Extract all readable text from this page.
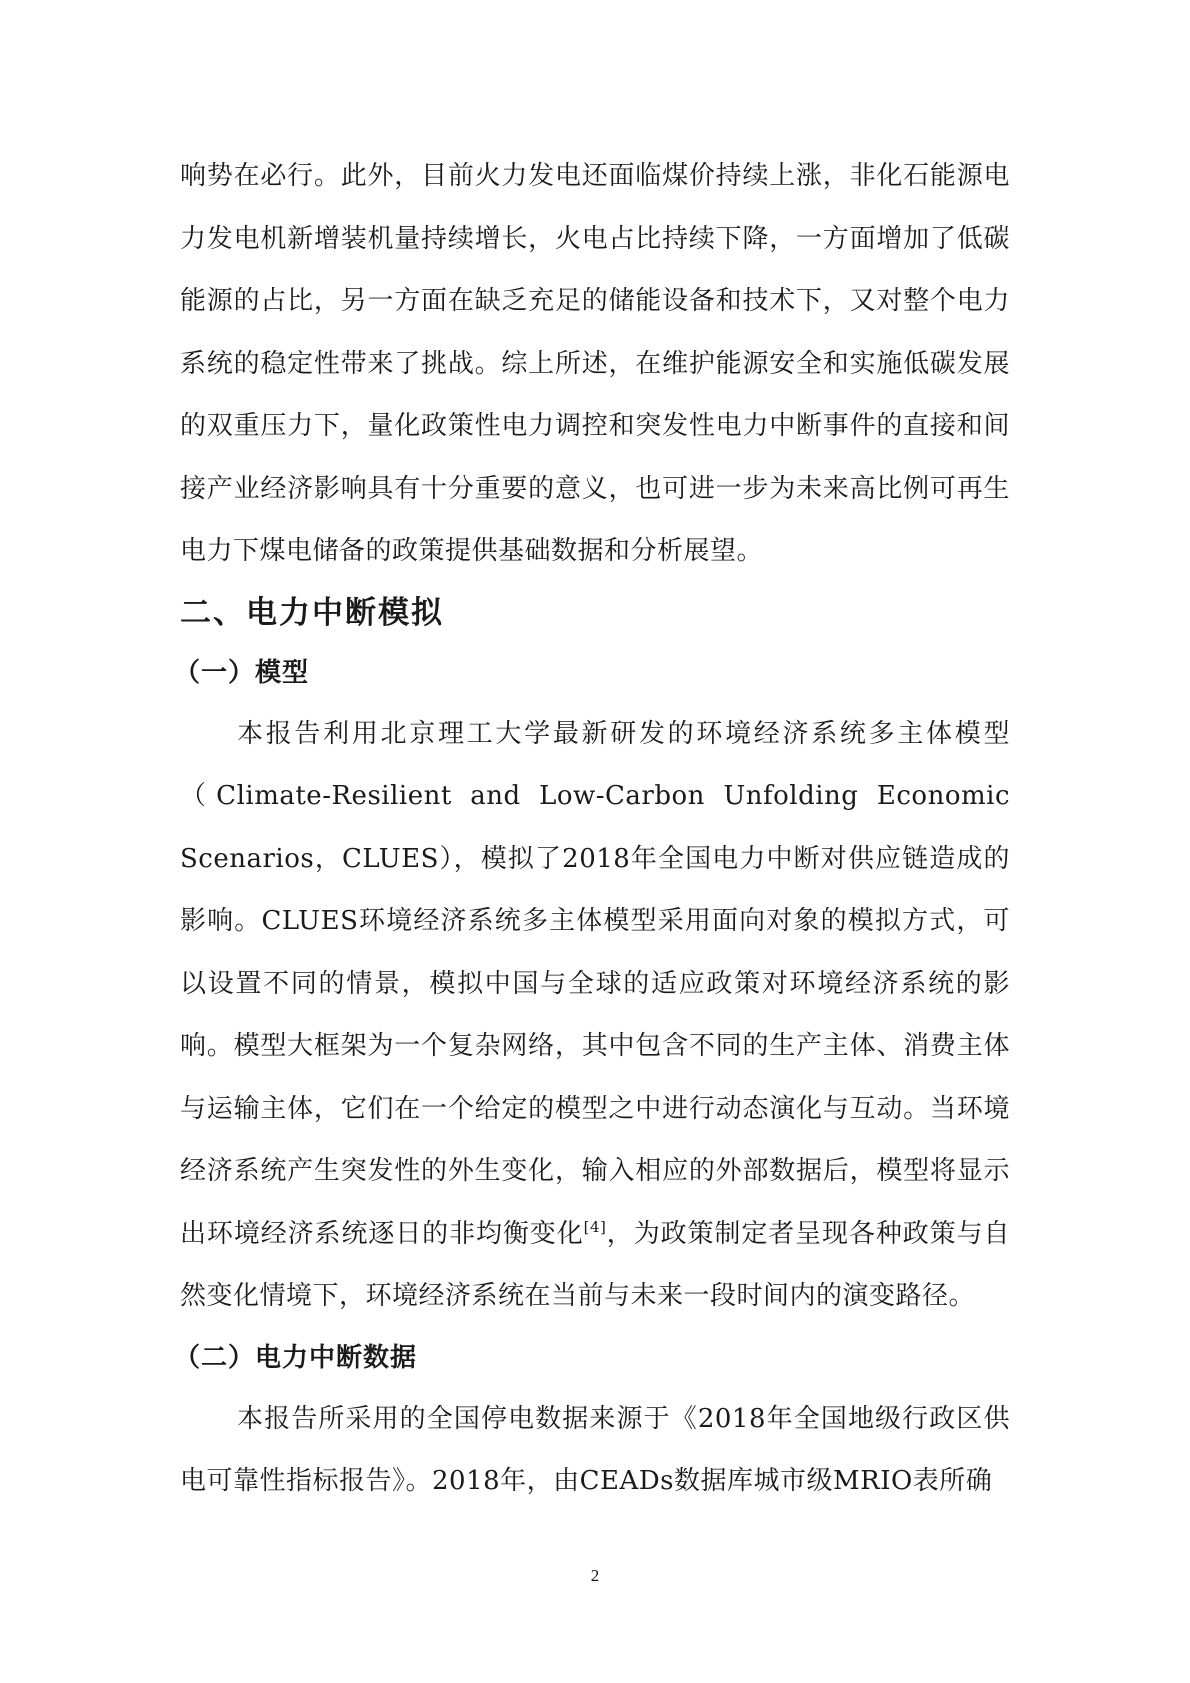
响势在必行。此外，目前火力发电还面临煤价持续上涨，非化石能源电力发电机新增装机量持续增长，火电占比持续下降，一方面增加了低碳能源的占比，另一方面在缺乏充足的储能设备和技术下，又对整个电力系统的稳定性带来了挑战。综上所述，在维护能源安全和实施低碳发展的双重压力下，量化政策性电力调控和突发性电力中断事件的直接和间接产业经济影响具有十分重要的意义，也可进一步为未来高比例可再生电力下煤电储备的政策提供基础数据和分析展望。

二、电力中断模拟
（一）模型

本报告利用北京理工大学最新研发的环境经济系统多主体模型（Climate-Resilient and Low-Carbon Unfolding Economic Scenarios，CLUES），模拟了2018年全国电力中断对供应链造成的影响。CLUES环境经济系统多主体模型采用面向对象的模拟方式，可以设置不同的情景，模拟中国与全球的适应政策对环境经济系统的影响。模型大框架为一个复杂网络，其中包含不同的生产主体、消费主体与运输主体，它们在一个给定的模型之中进行动态演化与互动。当环境经济系统产生突发性的外生变化，输入相应的外部数据后，模型将显示出环境经济系统逐日的非均衡变化[4]，为政策制定者呈现各种政策与自然变化情境下，环境经济系统在当前与未来一段时间内的演变路径。

（二）电力中断数据

本报告所采用的全国停电数据来源于《2018年全国地级行政区供电可靠性指标报告》。2018年，由CEADs数据库城市级MRIO表所确

2
